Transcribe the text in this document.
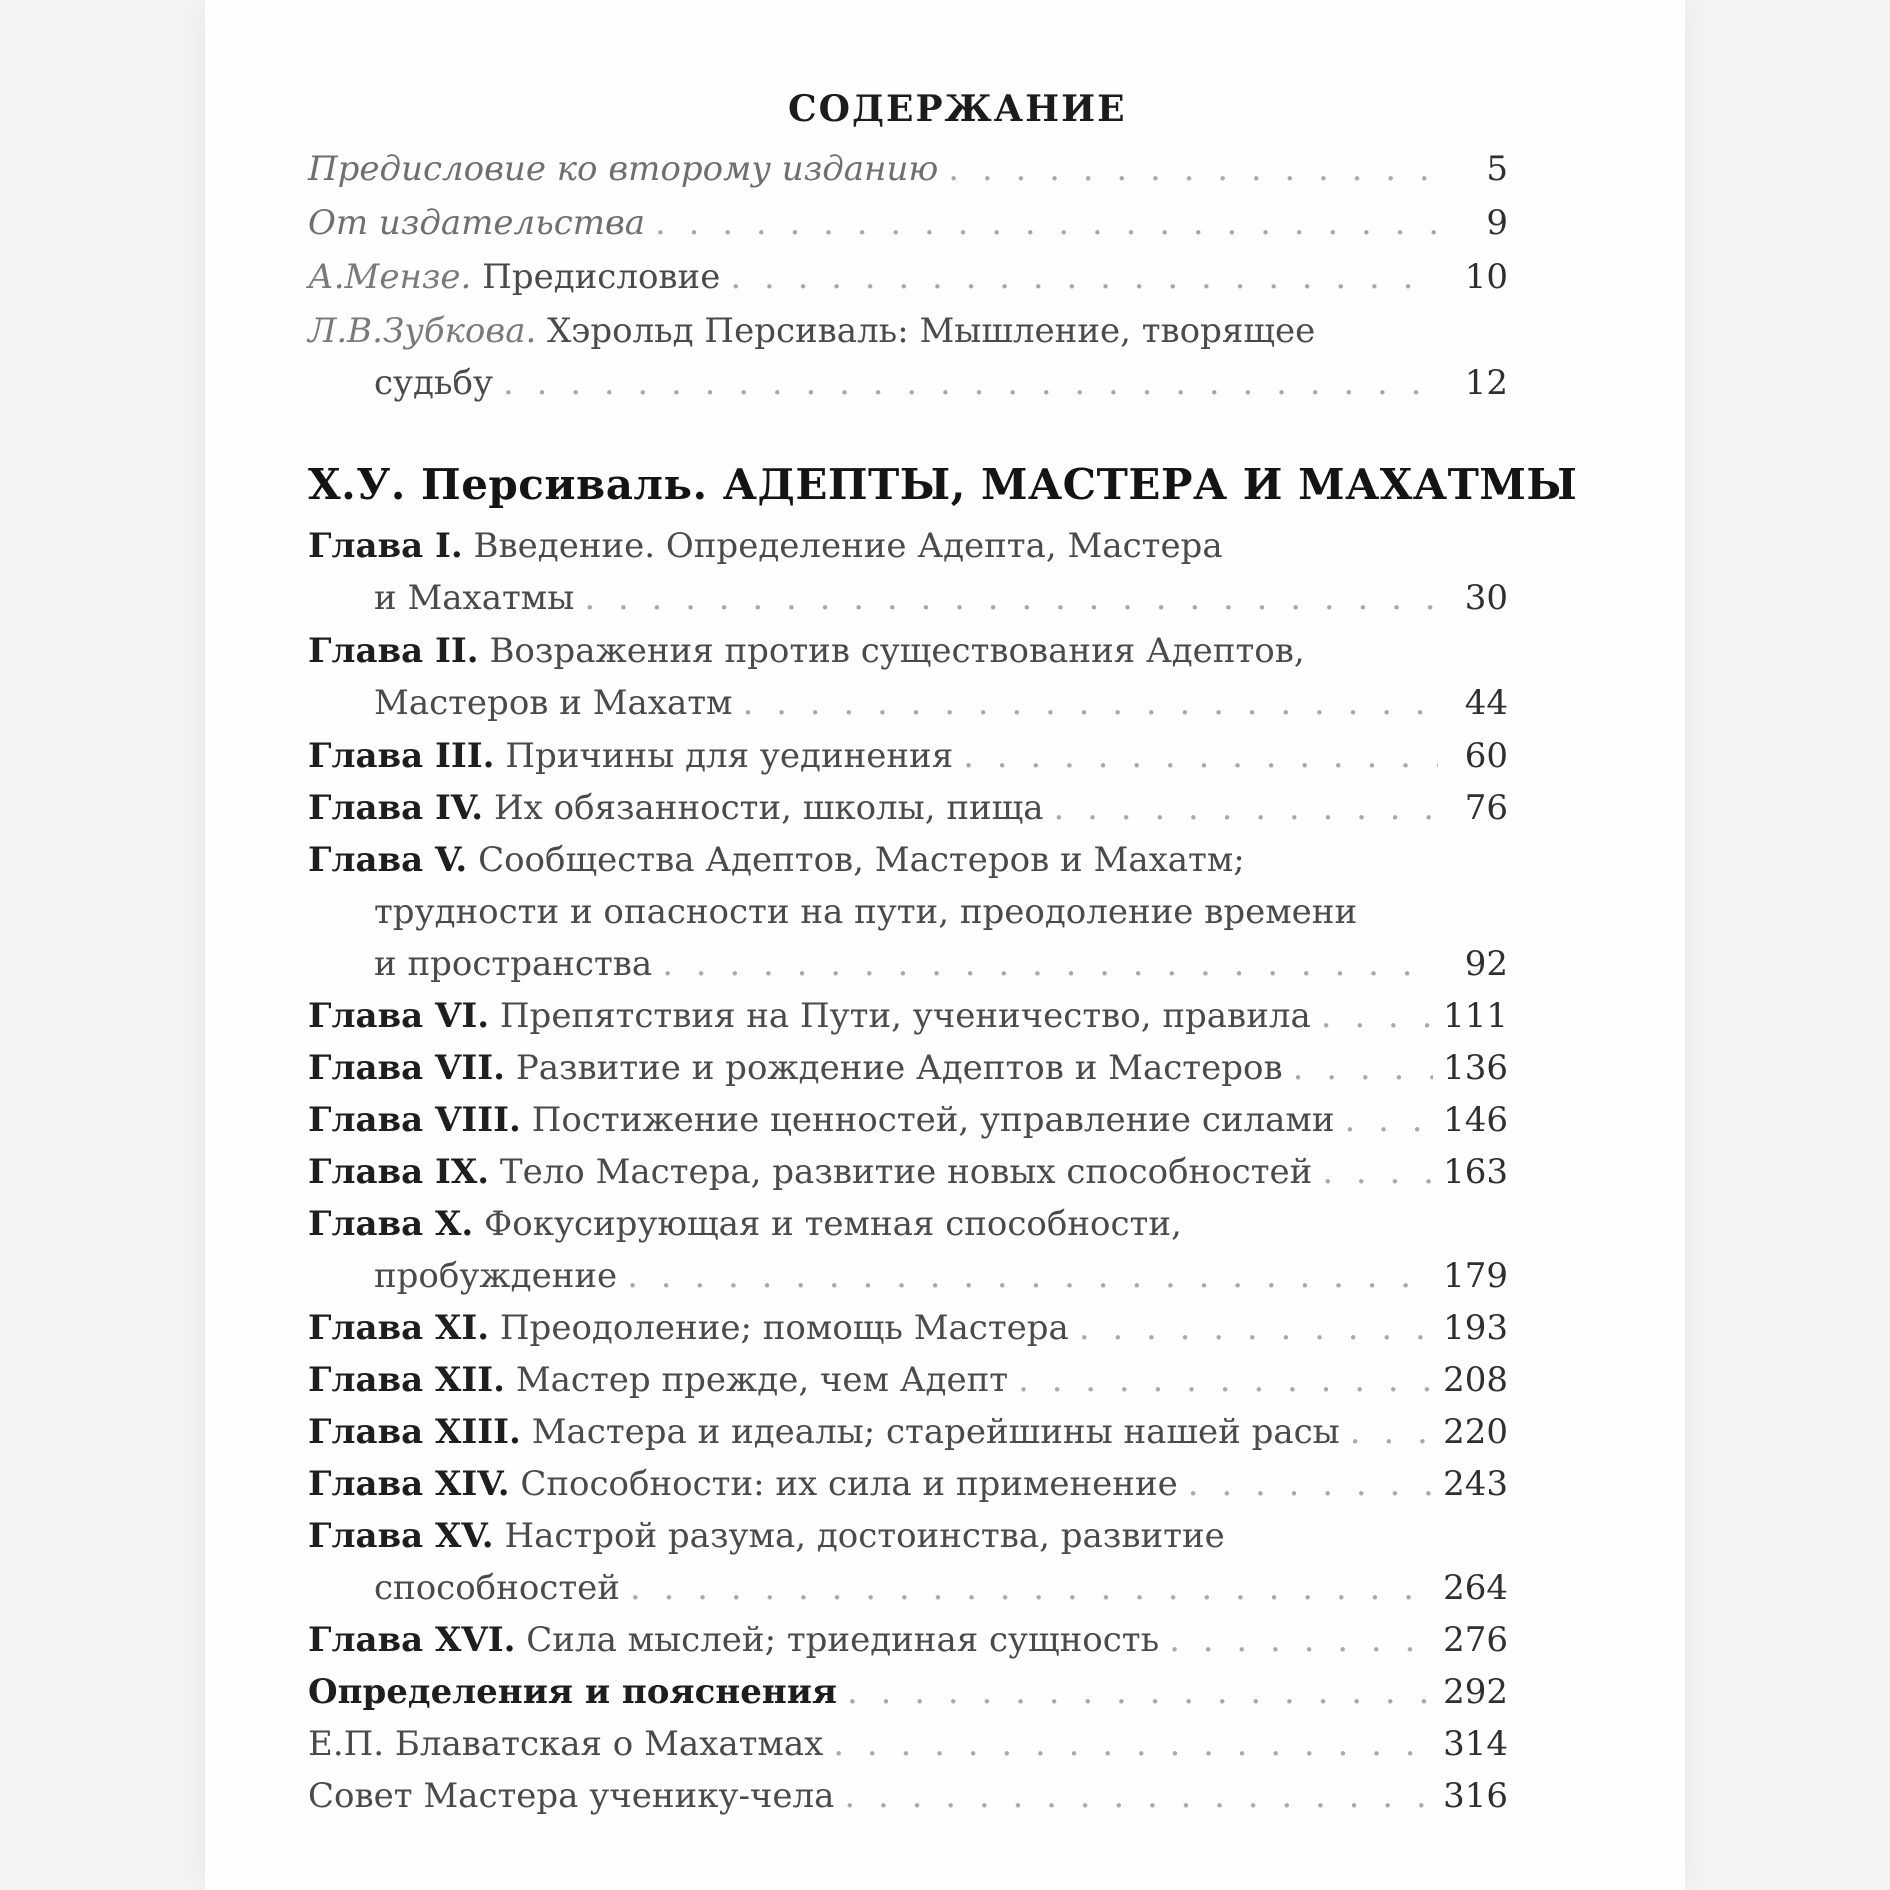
СОДЕРЖАНИЕ
Предисловие ко второму изданию . . .	5
От издательства . . .	9
А.Мензе.
Предисловие . . .	10
Л.В.Зубкова.
Хэрольд Персиваль: Мышление, творящее
судьбу . . .	12
Х.У. Персиваль. АДЕПТЫ, МАСТЕРА И МАХАТМЫ
Глава I.
Введение. Определение Адепта, Мастера
и Махатмы . . .	30
Глава II.
Возражения против существования Адептов,
Мастеров и Махатм . . .	44
Глава III.
Причины для уединения . . .	60
Глава IV.
Их обязанности, школы, пища . . .	76
Глава V.
Сообщества Адептов, Мастеров и Махатм;
трудности и опасности на пути, преодоление времени
и пространства . . .	92
Глава VI.
Препятствия на Пути, ученичество, правила . . .	111
Глава VII.
Развитие и рождение Адептов и Мастеров . . .	136
Глава VIII.
Постижение ценностей, управление силами . . .	146
Глава IX.
Тело Мастера, развитие новых способностей . . .	163
Глава X.
Фокусирующая и темная способности,
пробуждение . . .	179
Глава XI.
Преодоление; помощь Мастера . . .	193
Глава XII.
Мастер прежде, чем Адепт . . .	208
Глава XIII.
Мастера и идеалы; старейшины нашей расы . . .	220
Глава XIV.
Способности: их сила и применение . . .	243
Глава XV.
Настрой разума, достоинства, развитие
способностей . . .	264
Глава XVI.
Сила мыслей; триединая сущность . . .	276
Определения и пояснения . . .	292
Е.П. Блаватская о Махатмах . . .	314
Совет Мастера ученику-чела . . .	316
